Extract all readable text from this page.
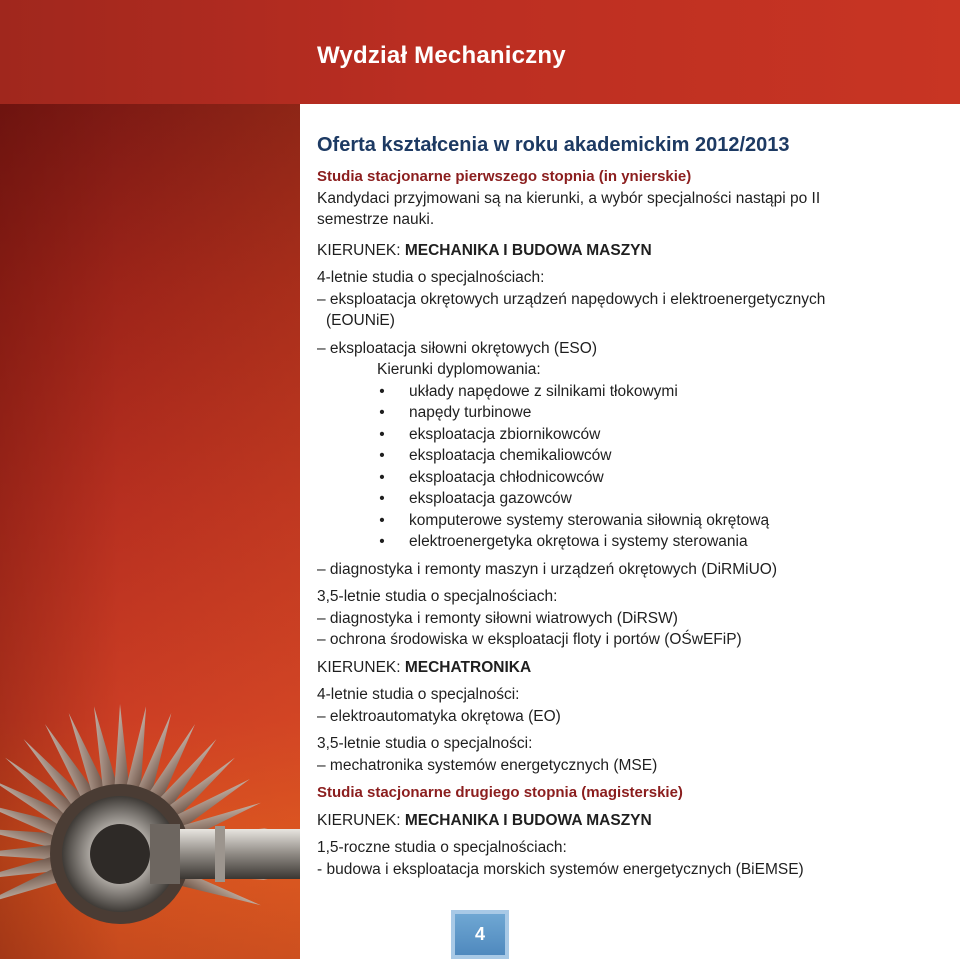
Wydział Mechaniczny
Oferta kształcenia w roku akademickim 2012/2013
Studia stacjonarne pierwszego stopnia (in ynierskie)
Kandydaci przyjmowani są na kierunki, a wybór specjalności nastąpi po II
semestrze nauki.
KIERUNEK: MECHANIKA I BUDOWA MASZYN
4-letnie studia o specjalnościach:
– eksploatacja okrętowych urządzeń napędowych i elektroenergetycznych
(EOUNiE)
– eksploatacja siłowni okrętowych (ESO)
Kierunki dyplomowania:
• układy napędowe z silnikami tłokowymi
• napędy turbinowe
• eksploatacja zbiornikowców
• eksploatacja chemikaliowców
• eksploatacja chłodnicowców
• eksploatacja gazowców
• komputerowe systemy sterowania siłownią okrętową
• elektroenergetyka okrętowa i systemy sterowania
– diagnostyka i remonty maszyn i urządzeń okrętowych (DiRMiUO)
3,5-letnie studia o specjalnościach:
– diagnostyka i remonty siłowni wiatrowych (DiRSW)
– ochrona środowiska w eksploatacji floty i portów (OŚwEFiP)
KIERUNEK: MECHATRONIKA
4-letnie studia o specjalności:
– elektroautomatyka okrętowa (EO)
3,5-letnie studia o specjalności:
– mechatronika systemów energetycznych (MSE)
Studia stacjonarne drugiego stopnia (magisterskie)
KIERUNEK: MECHANIKA I BUDOWA MASZYN
1,5-roczne studia o specjalnościach:
- budowa i eksploatacja morskich systemów energetycznych (BiEMSE)
4
